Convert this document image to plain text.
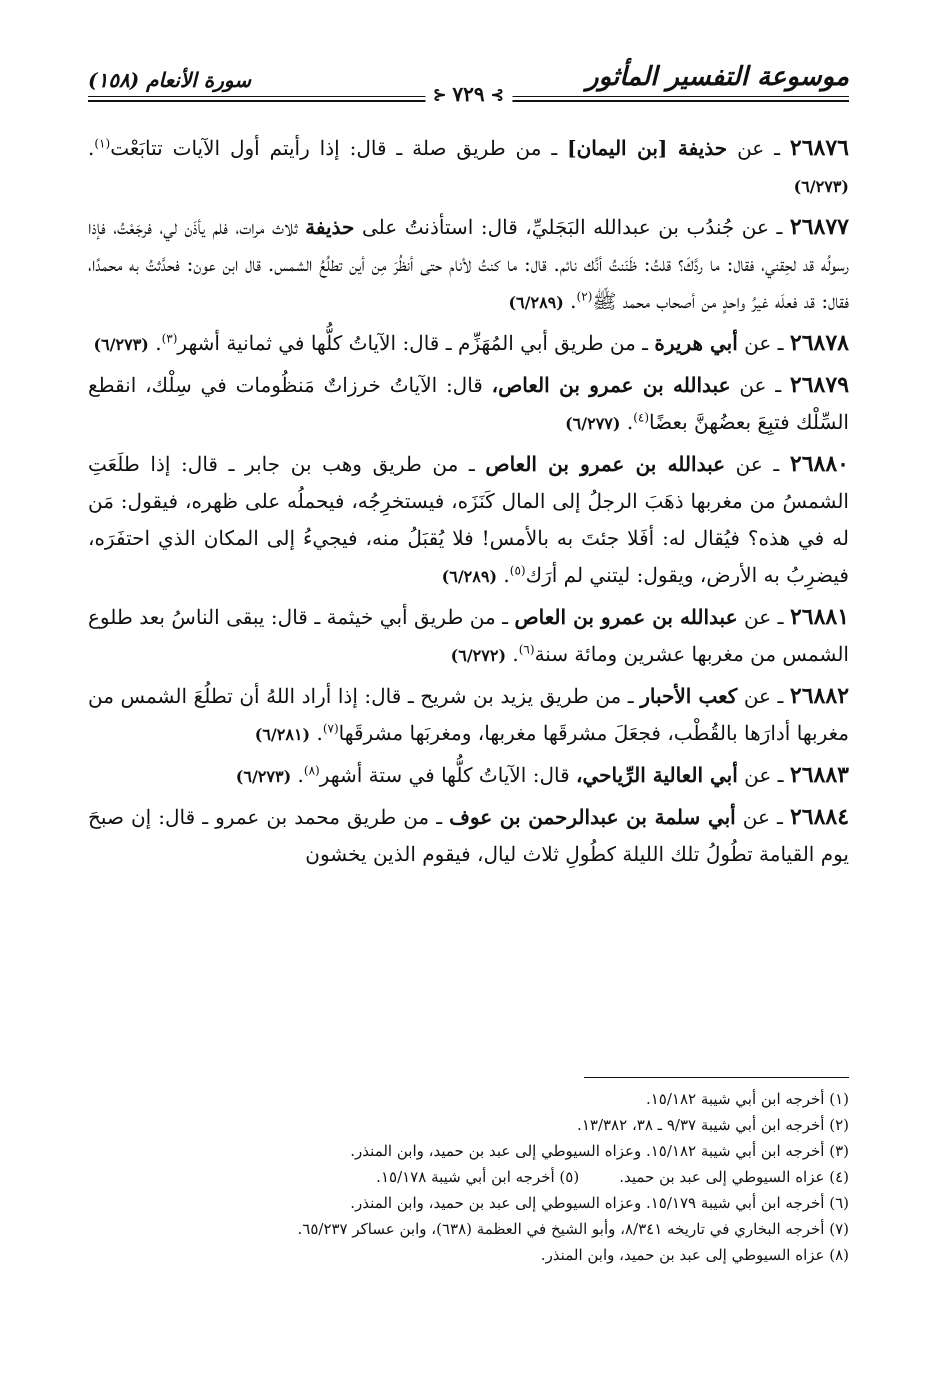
موسوعة التفسير المأثور
سورة الأنعام (١٥٨)
⊱
٧٢٩
⊰

٢٦٨٧٦ ـ عن حذيفة [بن اليمان] ـ من طريق صلة ـ قال: إذا رأيتم أول الآيات تتابَعْت$^{(١)}$. (٦/٢٧٣)

٢٦٨٧٧ ـ عن جُندُب بن عبدالله البَجَليِّ، قال: استأذنتُ على حذيفة ثلاث مرات، فلم يأذَن لي، فرجَعْتُ، فإذا رسولُه قد لحِقني، فقال: ما ردَّكَ؟ قلتُ: ظَنَنتُ أنَّك نائم. قال: ما كنتُ لأنام حتى أنظُرَ مِن أين تطلُعُ الشمس. قال ابن عون: فحدَّثتُ به محمدًا، فقال: قد فعلَه غيرُ واحدٍ من أصحاب محمد ﷺ$^{(٢)}$. (٦/٢٨٩)

٢٦٨٧٨ ـ عن أبي هريرة ـ من طريق أبي المُهَزِّم ـ قال: الآياتُ كلُّها في ثمانية أشهر$^{(٣)}$. (٦/٢٧٣)

٢٦٨٧٩ ـ عن عبدالله بن عمرو بن العاص، قال: الآياتُ خرزاتٌ مَنظُومات في سِلْك، انقطع السِّلْك فتبِعَ بعضُهنَّ بعضًا$^{(٤)}$. (٦/٢٧٧)

٢٦٨٨٠ ـ عن عبدالله بن عمرو بن العاص ـ من طريق وهب بن جابر ـ قال: إذا طلَعَتِ الشمسُ من مغربها ذهَبَ الرجلُ إلى المال كَنَزَه، فيستخرِجُه، فيحملُه على ظهره، فيقول: مَن له في هذه؟ فيُقال له: أفَلا جئتَ به بالأمس! فلا يُقبَلُ منه، فيجيءُ إلى المكان الذي احتفَرَه، فيضرِبُ به الأرض، ويقول: ليتني لم أرَك$^{(٥)}$. (٦/٢٨٩)

٢٦٨٨١ ـ عن عبدالله بن عمرو بن العاص ـ من طريق أبي خيثمة ـ قال: يبقى الناسُ بعد طلوع الشمس من مغربها عشرين ومائة سنة$^{(٦)}$. (٦/٢٧٢)

٢٦٨٨٢ ـ عن كعب الأحبار ـ من طريق يزيد بن شريح ـ قال: إذا أراد اللهُ أن تطلُعَ الشمس من مغربها أدارَها بالقُطْب، فجعَلَ مشرقَها مغربها، ومغربَها مشرقَها$^{(٧)}$. (٦/٢٨١)

٢٦٨٨٣ ـ عن أبي العالية الرِّياحي، قال: الآياتُ كلُّها في ستة أشهر$^{(٨)}$. (٦/٢٧٣)

٢٦٨٨٤ ـ عن أبي سلمة بن عبدالرحمن بن عوف ـ من طريق محمد بن عمرو ـ قال: إن صبحَ يوم القيامة تطُولُ تلك الليلة كطُولِ ثلاث ليال، فيقوم الذين يخشون

(١) أخرجه ابن أبي شيبة ١٥/١٨٢.

(٢) أخرجه ابن أبي شيبة ٩/٣٧ ـ ٣٨، ١٣/٣٨٢.

(٣) أخرجه ابن أبي شيبة ١٥/١٨٢. وعزاه السيوطي إلى عبد بن حميد، وابن المنذر.

(٤) عزاه السيوطي إلى عبد بن حميد.
(٥) أخرجه ابن أبي شيبة ١٥/١٧٨.

(٦) أخرجه ابن أبي شيبة ١٥/١٧٩. وعزاه السيوطي إلى عبد بن حميد، وابن المنذر.

(٧) أخرجه البخاري في تاريخه ٨/٣٤١، وأبو الشيخ في العظمة (٦٣٨)، وابن عساكر ٦٥/٢٣٧.

(٨) عزاه السيوطي إلى عبد بن حميد، وابن المنذر.
